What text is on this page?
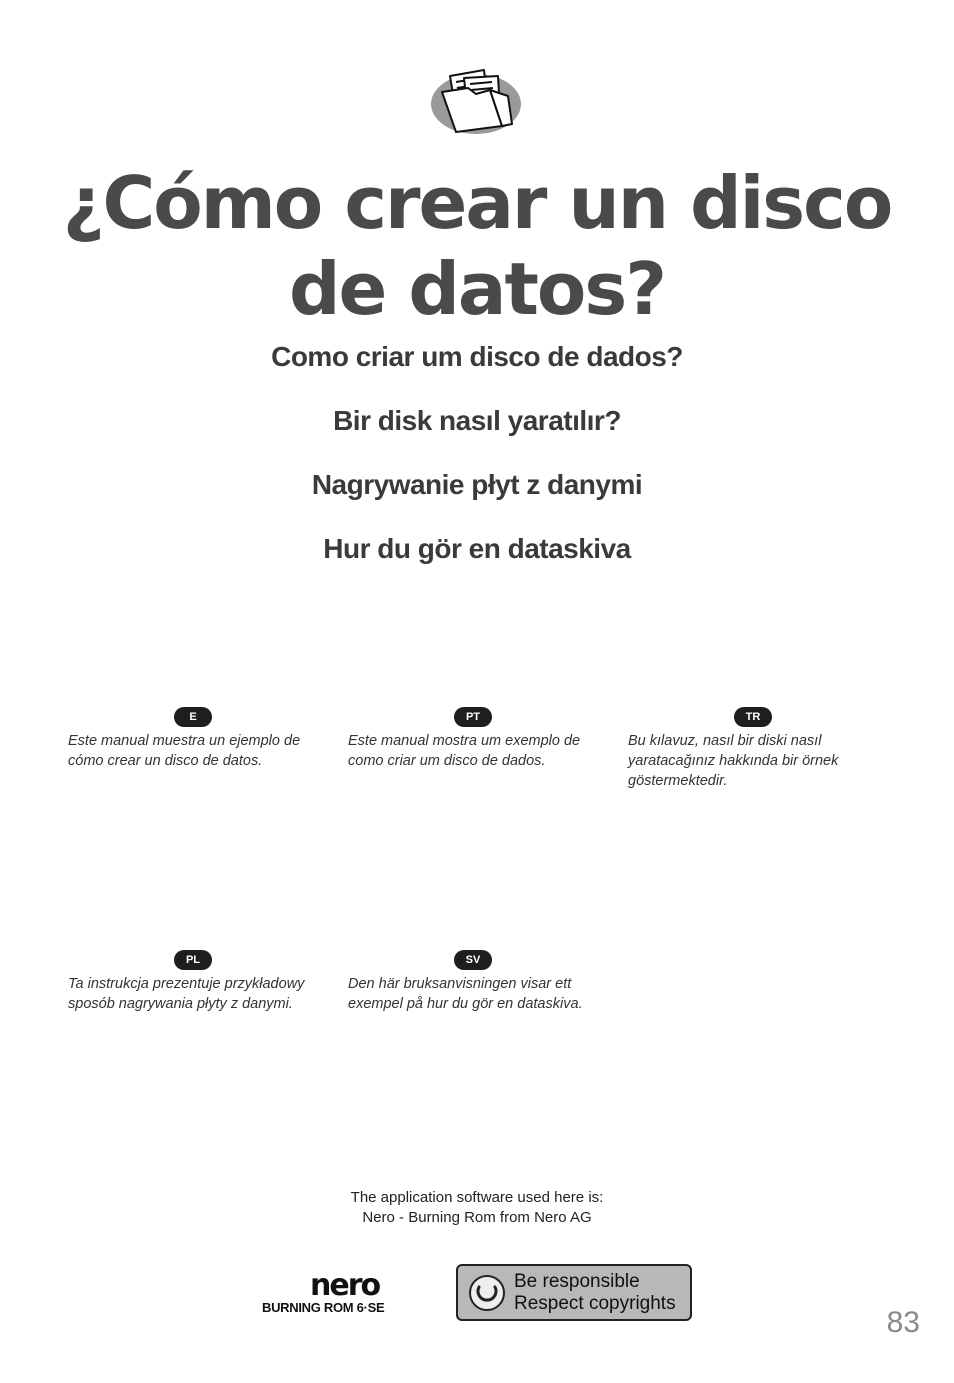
¿Cómo crear un disco
de datos?

Como criar um disco de dados?

Bir disk nasıl yaratılır?

Nagrywanie płyt z danymi

Hur du gör en dataskiva

E

Este manual muestra un ejemplo de cómo crear un disco de datos.

PT

Este manual mostra um exemplo de como criar um disco de dados.

TR

Bu kılavuz, nasıl bir diski nasıl yaratacağınız hakkında bir örnek göstermektedir.

PL

Ta instrukcja prezentuje przykładowy sposób nagrywania płyty z danymi.

SV

Den här bruksanvisningen visar ett exempel på hur du gör en dataskiva.

The application software used here is:
Nero - Burning Rom from Nero AG
nero
BURNING ROM 6·SE
Be responsible
Respect copyrights
83
